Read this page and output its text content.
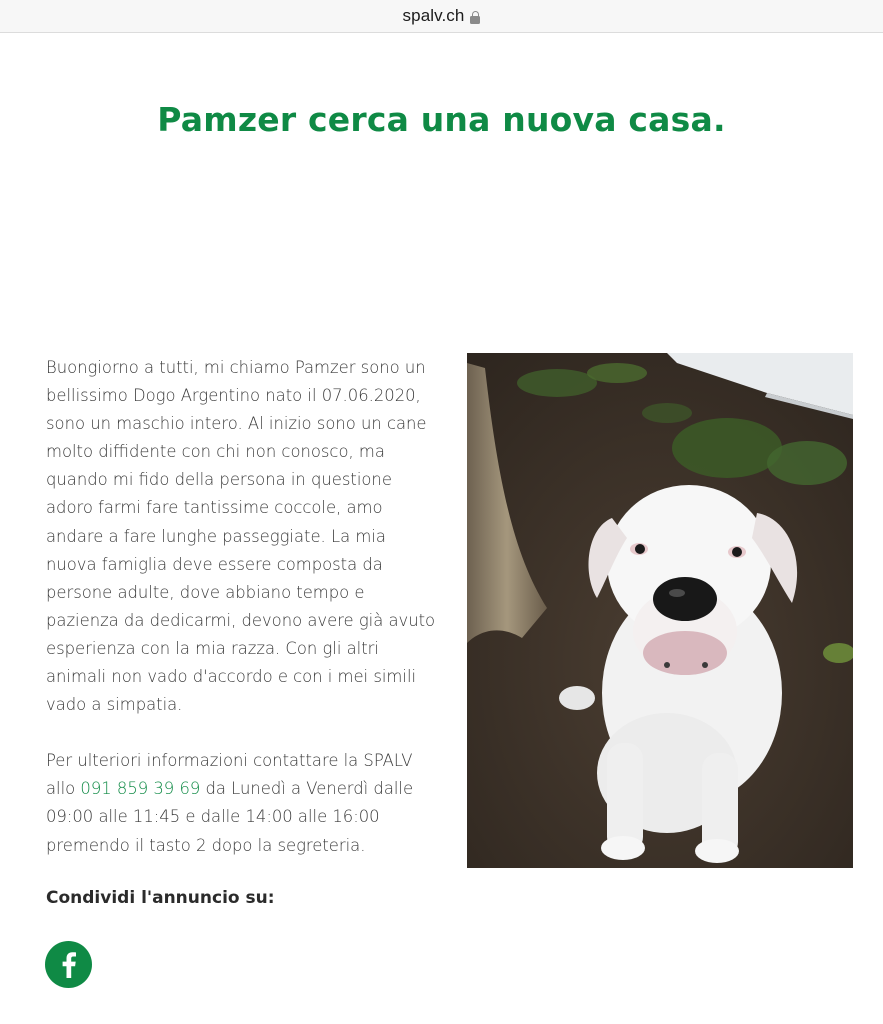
spalv.ch
Pamzer cerca una nuova casa.

Buongiorno a tutti, mi chiamo Pamzer sono un bellissimo Dogo Argentino nato il 07.06.2020, sono un maschio intero. Al inizio sono un cane molto diffidente con chi non conosco, ma quando mi fido della persona in questione adoro farmi fare tantissime coccole, amo andare a fare lunghe passeggiate. La mia nuova famiglia deve essere composta da persone adulte, dove abbiano tempo e pazienza da dedicarmi, devono avere già avuto esperienza con la mia razza. Con gli altri animali non vado d'accordo e con i mei simili vado a simpatia.

Per ulteriori informazioni contattare la SPALV allo 091 859 39 69 da Lunedì a Venerdì dalle 09:00 alle 11:45 e dalle 14:00 alle 16:00 premendo il tasto 2 dopo la segreteria.

Condividi l'annuncio su:
